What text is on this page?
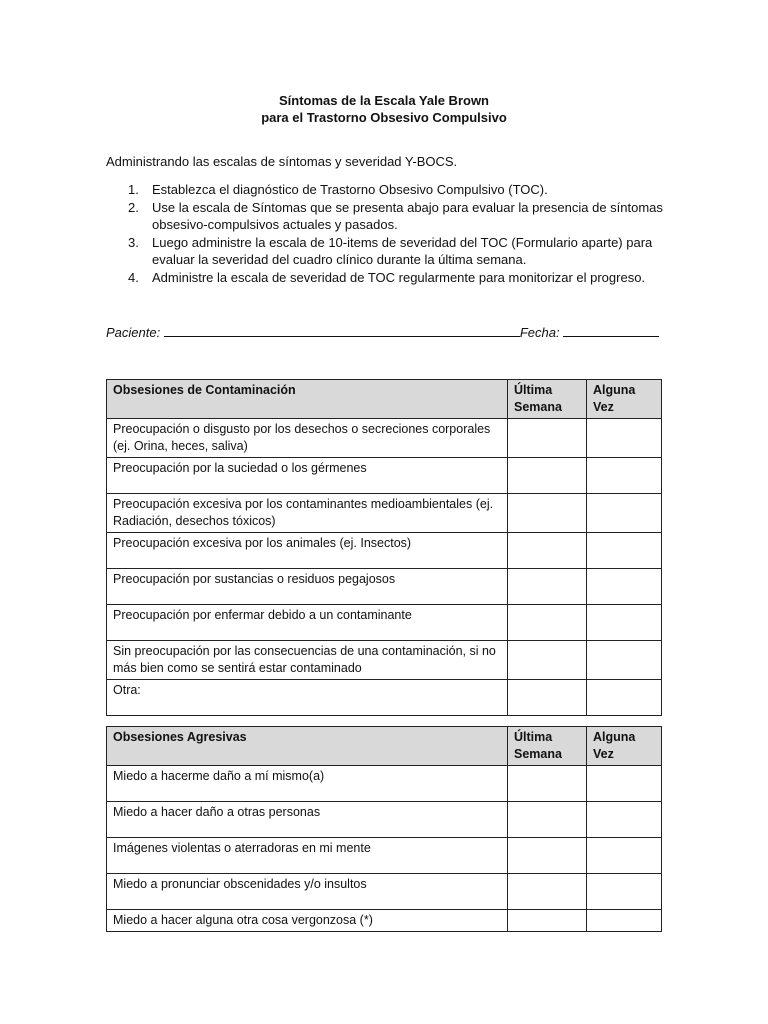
Síntomas de la Escala Yale Brown
para el Trastorno Obsesivo Compulsivo
Administrando las escalas de síntomas y severidad Y-BOCS.
1. Establezca el diagnóstico de Trastorno Obsesivo Compulsivo (TOC).
2. Use la escala de Síntomas que se presenta abajo para evaluar la presencia de síntomas obsesivo-compulsivos actuales y pasados.
3. Luego administre la escala de 10-items de severidad del TOC (Formulario aparte) para evaluar la severidad del cuadro clínico durante la última semana.
4. Administre la escala de severidad de TOC regularmente para monitorizar el progreso.
Paciente:	Fecha:
Obsesiones de Contaminación	Última Semana	Alguna Vez
Preocupación o disgusto por los desechos o secreciones corporales (ej. Orina, heces, saliva)		
Preocupación por la suciedad o los gérmenes		
Preocupación excesiva por los contaminantes medioambientales (ej. Radiación, desechos tóxicos)		
Preocupación excesiva por los animales (ej. Insectos)		
Preocupación por sustancias o residuos pegajosos		
Preocupación por enfermar debido a un contaminante		
Sin preocupación por las consecuencias de una contaminación, si no más bien como se sentirá estar contaminado		
Otra:		
Obsesiones Agresivas	Última Semana	Alguna Vez
Miedo a hacerme daño a mí mismo(a)		
Miedo a hacer daño a otras personas		
Imágenes violentas o aterradoras en mi mente		
Miedo a pronunciar obscenidades y/o insultos		
Miedo a hacer alguna otra cosa vergonzosa (*)		
